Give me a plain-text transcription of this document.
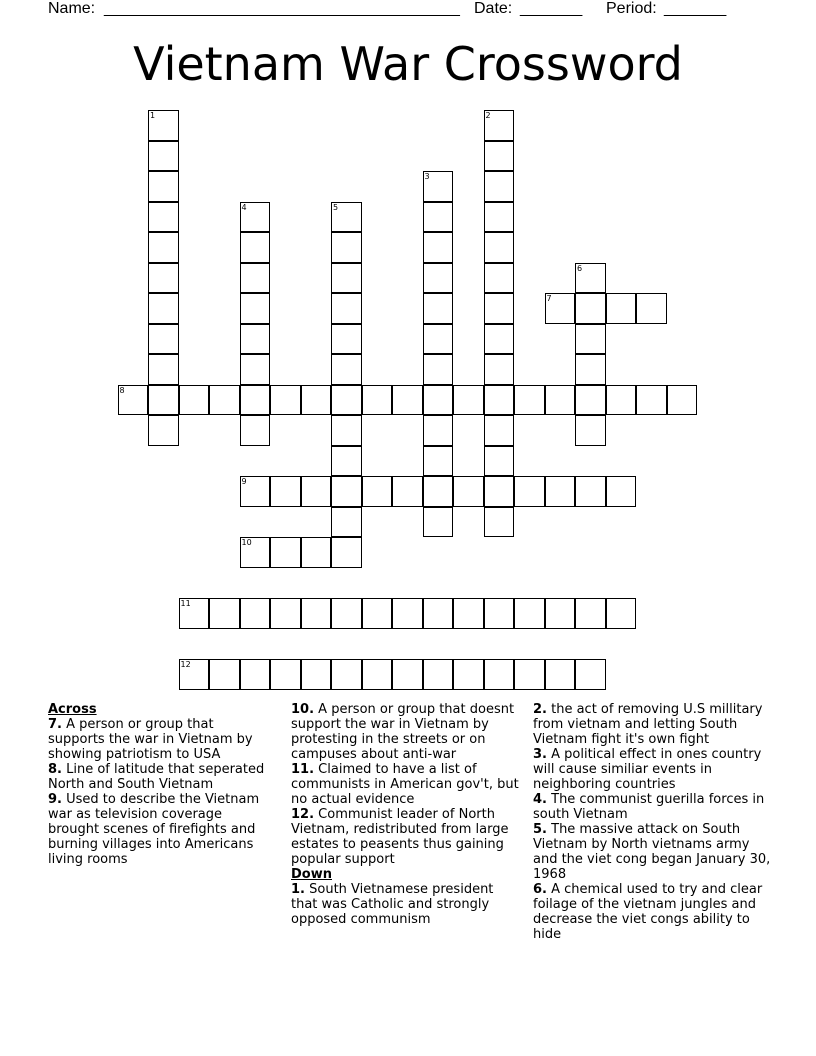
Name: ________________________________________ Date: _______ Period: _______
Vietnam War Crossword
1	2
3
4	5
6
7
8
9
10
11
12
Across
7. A person or group that supports the war in Vietnam by showing patriotism to USA
8. Line of latitude that seperated North and South Vietnam
9. Used to describe the Vietnam war as television coverage brought scenes of firefights and burning villages into Americans living rooms
10. A person or group that doesnt support the war in Vietnam by protesting in the streets or on campuses about anti-war
11. Claimed to have a list of communists in American gov't, but no actual evidence
12. Communist leader of North Vietnam, redistributed from large estates to peasents thus gaining popular support
Down
1. South Vietnamese president that was Catholic and strongly opposed communism
2. the act of removing U.S millitary from vietnam and letting South Vietnam fight it's own fight
3. A political effect in ones country will cause similiar events in neighboring countries
4. The communist guerilla forces in south Vietnam
5. The massive attack on South Vietnam by North vietnams army and the viet cong began January 30, 1968
6. A chemical used to try and clear foilage of the vietnam jungles and decrease the viet congs ability to hide
